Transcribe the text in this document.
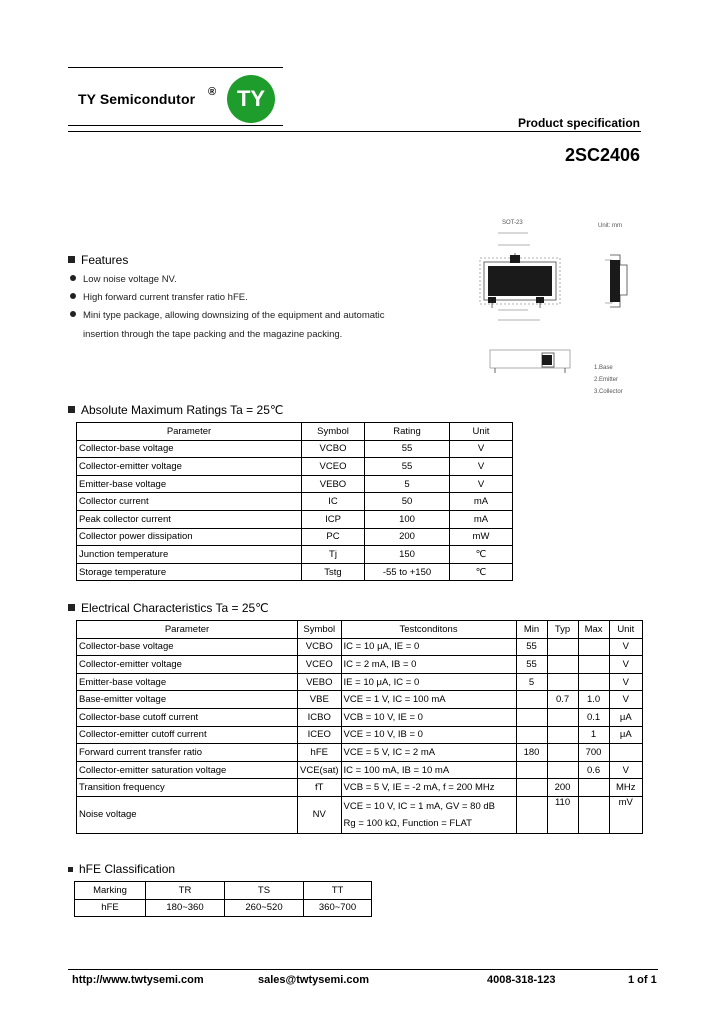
TY Semicondutor ® TY
Product specification
2SC2406
Features
Low noise voltage NV.
High forward current transfer ratio hFE.
Mini type package, allowing downsizing of the equipment and automatic
insertion through the tape packing and the magazine packing.
SOT-23	Unit: mm
1.Base
2.Emitter
3.Collector
Absolute Maximum Ratings Ta = 25℃
Parameter	Symbol	Rating	Unit
Collector-base voltage	VCBO	55	V
Collector-emitter voltage	VCEO	55	V
Emitter-base voltage	VEBO	5	V
Collector current	IC	50	mA
Peak collector current	ICP	100	mA
Collector power dissipation	PC	200	mW
Junction temperature	Tj	150	℃
Storage temperature	Tstg	-55 to +150	℃
Electrical Characteristics Ta = 25℃
Parameter	Symbol	Testconditons	Min	Typ	Max	Unit
Collector-base voltage	VCBO	IC = 10 μA, IE = 0	55			V
Collector-emitter voltage	VCEO	IC = 2 mA, IB = 0	55			V
Emitter-base voltage	VEBO	IE = 10 μA, IC = 0	5			V
Base-emitter voltage	VBE	VCE = 1 V, IC = 100 mA		0.7	1.0	V
Collector-base cutoff current	ICBO	VCB = 10 V, IE = 0			0.1	μA
Collector-emitter cutoff current	ICEO	VCE = 10 V, IB = 0			1	μA
Forward current transfer ratio	hFE	VCE = 5 V, IC = 2 mA	180		700	
Collector-emitter saturation voltage	VCE(sat)	IC = 100 mA, IB = 10 mA			0.6	V
Transition frequency	fT	VCB = 5 V, IE = -2 mA, f = 200 MHz		200		MHz
Noise voltage	NV	VCE = 10 V, IC = 1 mA, GV = 80 dB
Rg = 100 kΩ, Function = FLAT		110		mV
hFE Classification
Marking	TR	TS	TT
hFE	180~360	260~520	360~700
http://www.twtysemi.com	sales@twtysemi.com	4008-318-123	1 of 1
